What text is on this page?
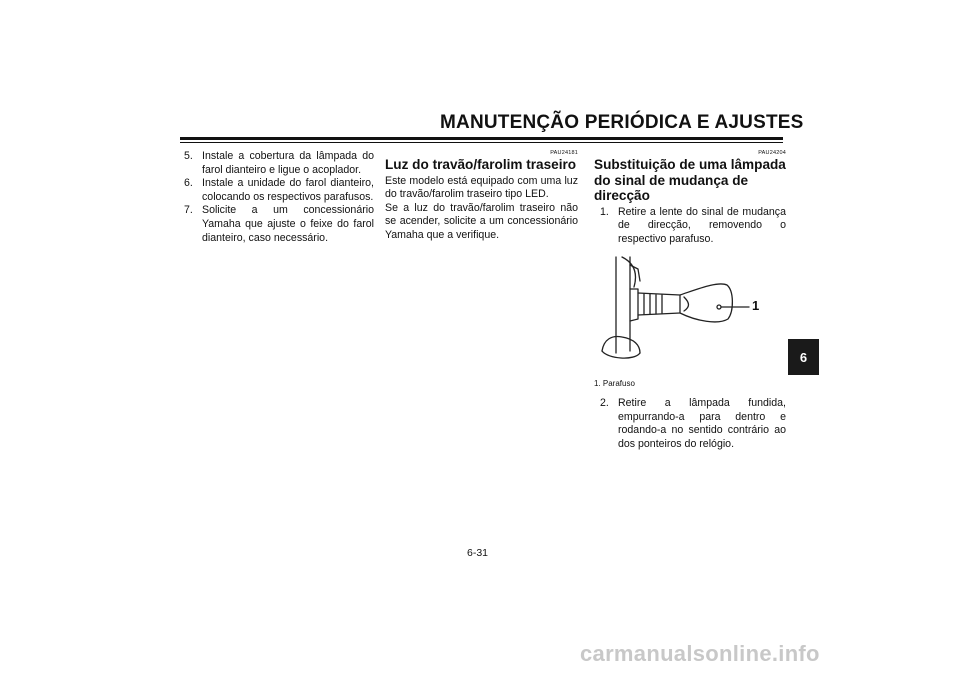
MANUTENÇÃO PERIÓDICA E AJUSTES
5. Instale a cobertura da lâmpada do farol dianteiro e ligue o acoplador.
6. Instale a unidade do farol dianteiro, colocando os respectivos parafusos.
7. Solicite a um concessionário Yamaha que ajuste o feixe do farol dianteiro, caso necessário.
PAU24181
Luz do travão/farolim traseiro
Este modelo está equipado com uma luz do travão/farolim traseiro tipo LED.
Se a luz do travão/farolim traseiro não se acender, solicite a um concessionário Yamaha que a verifique.
PAU24204
Substituição de uma lâmpada do sinal de mudança de direcção
1. Retire a lente do sinal de mudança de direcção, removendo o respectivo parafuso.
1
1. Parafuso
2. Retire a lâmpada fundida, empurrando-a para dentro e rodando-a no sentido contrário ao dos ponteiros do relógio.
6
6-31
carmanualsonline.info
